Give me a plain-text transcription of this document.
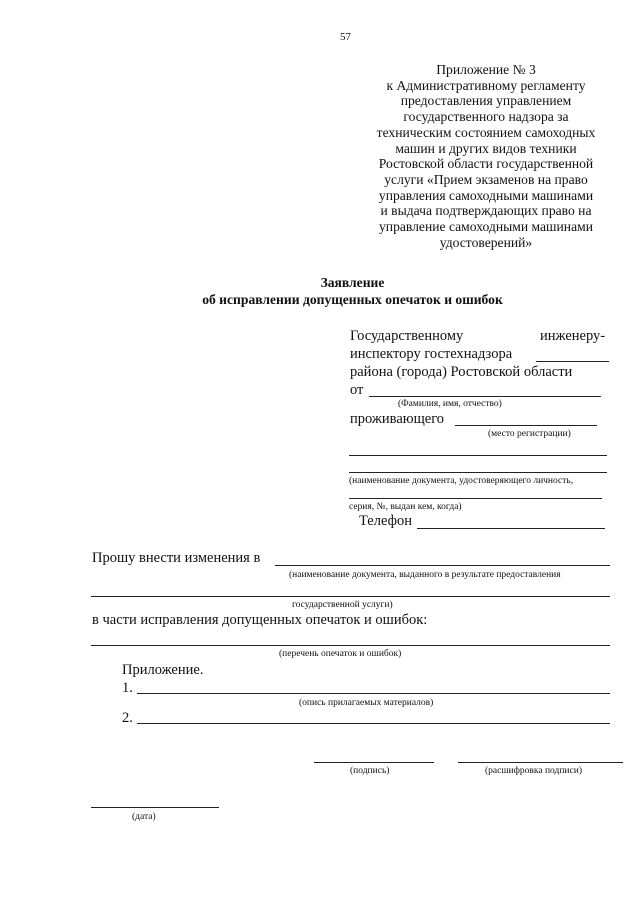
57
Приложение № 3
к Административному регламенту
предоставления управлением
государственного надзора за
техническим состоянием самоходных
машин и других видов техники
Ростовской области государственной
услуги «Прием экзаменов на право
управления самоходными машинами
и выдача подтверждающих право на
управление самоходными машинами
удостоверений»
Заявление
об исправлении допущенных опечаток и ошибок
Государственному	инженеру-
инспектору гостехнадзора
района (города) Ростовской области
от
(Фамилия, имя, отчество)
проживающего
(место регистрации)
(наименование документа, удостоверяющего личность,
серия, №, выдан кем, когда)
Телефон
Прошу внести изменения в
(наименование документа, выданного в результате предоставления
государственной услуги)
в части исправления допущенных опечаток и ошибок:
(перечень опечаток и ошибок)
Приложение.
1.
(опись прилагаемых материалов)
2.
(подпись)	(расшифровка подписи)
(дата)
